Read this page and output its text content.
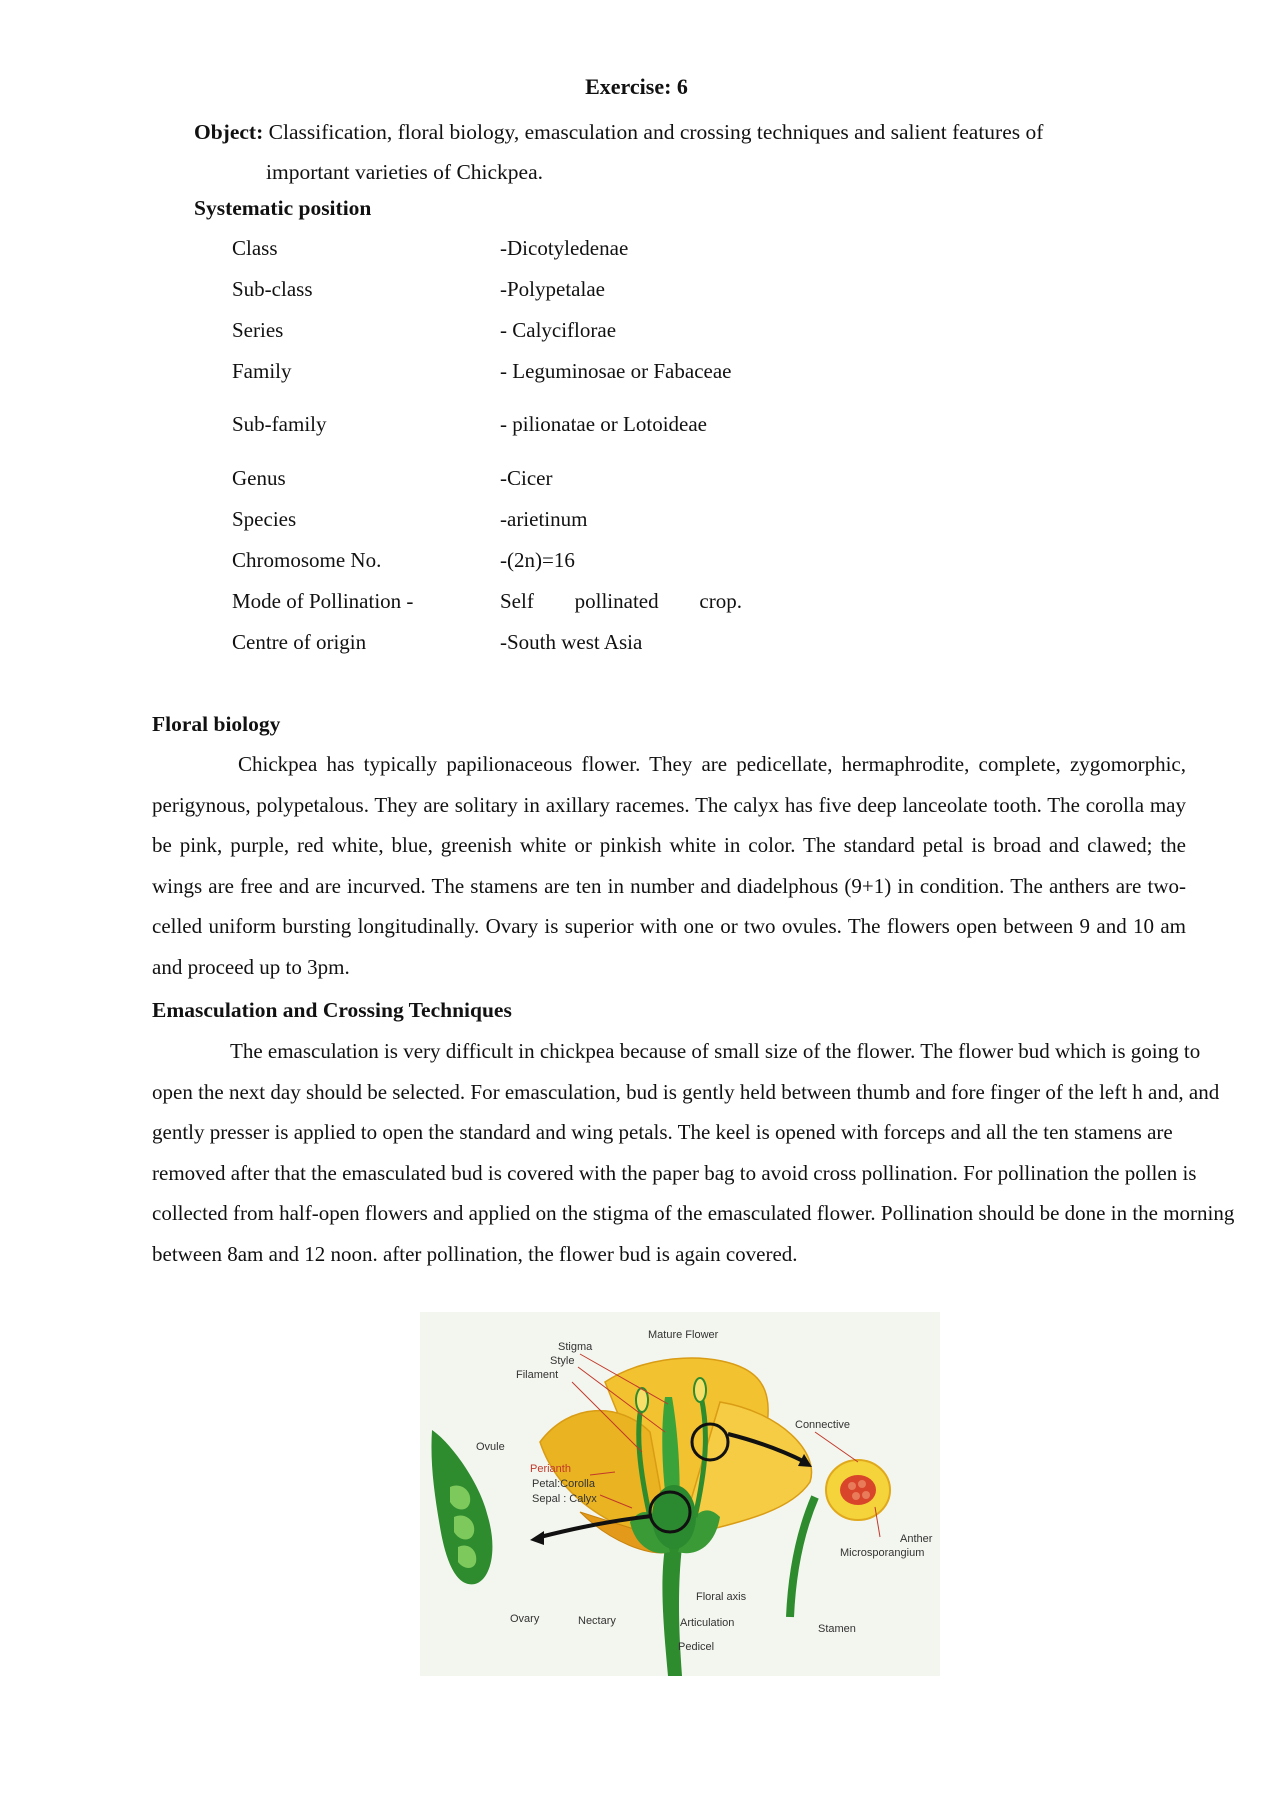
Exercise: 6
Object: Classification, floral biology, emasculation and crossing techniques and salient features of
important varieties of Chickpea.
Systematic position
Class	-Dicotyledenae
Sub-class	-Polypetalae
Series	- Calyciflorae
Family	- Leguminosae or Fabaceae
Sub-family	- pilionatae or Lotoideae
Genus	-Cicer
Species	-arietinum
Chromosome No.	-(2n)=16
Mode of Pollination -	Self pollinated crop.
Centre of origin	-South west Asia
Floral biology
Chickpea has typically papilionaceous flower. They are pedicellate, hermaphrodite, complete, zygomorphic, perigynous, polypetalous. They are solitary in axillary racemes. The calyx has five deep lanceolate tooth. The corolla may be pink, purple, red white, blue, greenish white or pinkish white in color. The standard petal is broad and clawed; the wings are free and are incurved. The stamens are ten in number and diadelphous (9+1) in condition. The anthers are two-celled uniform bursting longitudinally. Ovary is superior with one or two ovules. The flowers open between 9 and 10 am and proceed up to 3pm.
Emasculation and Crossing Techniques
The emasculation is very difficult in chickpea because of small size of the flower. The flower bud which is going to open the next day should be selected. For emasculation, bud is gently held between thumb and fore finger of the left h and, and gently presser is applied to open the standard and wing petals. The keel is opened with forceps and all the ten stamens are removed after that the emasculated bud is covered with the paper bag to avoid cross pollination. For pollination the pollen is collected from half-open flowers and applied on the stigma of the emasculated flower. Pollination should be done in the morning between 8am and 12 noon. after pollination, the flower bud is again covered.
Mature Flower
Stigma
Style
Filament
Ovule
Perianth
Petal:Corolla
Sepal : Calyx
Connective
Anther
Microsporangium
Ovary	Nectary
Floral axis
Articulation
Pedicel
Stamen
